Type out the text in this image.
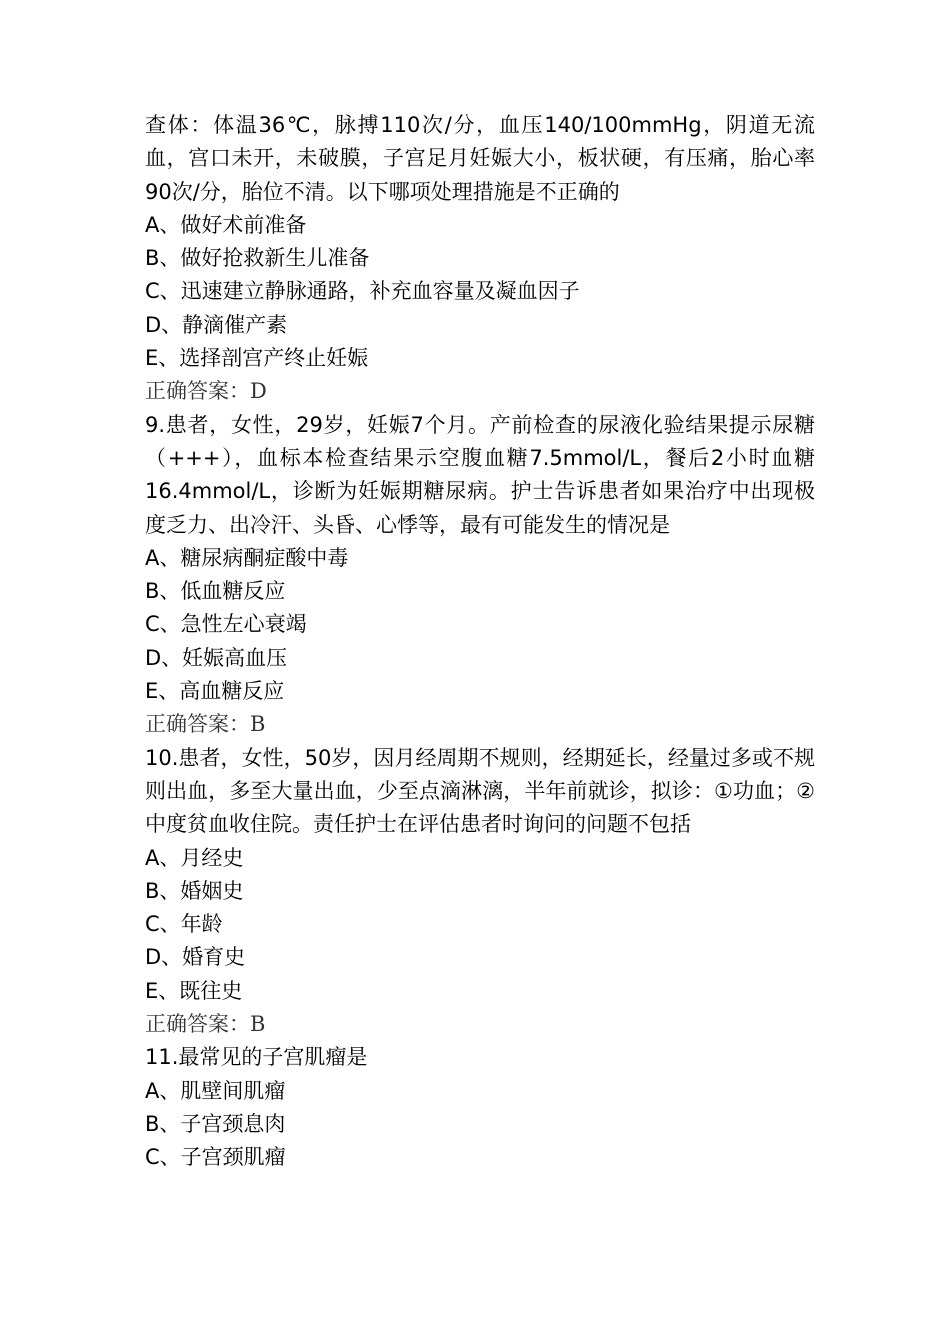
查体：体温36℃，脉搏110次/分，血压140/100mmHg，阴道无流血，宫口未开，未破膜，子宫足月妊娠大小，板状硬，有压痛，胎心率90次/分，胎位不清。以下哪项处理措施是不正确的

A、做好术前准备

B、做好抢救新生儿准备

C、迅速建立静脉通路，补充血容量及凝血因子

D、静滴催产素

E、选择剖宫产终止妊娠

正确答案：D

9.患者，女性，29岁，妊娠7个月。产前检查的尿液化验结果提示尿糖（+++），血标本检查结果示空腹血糖7.5mmol/L，餐后2小时血糖16.4mmol/L，诊断为妊娠期糖尿病。护士告诉患者如果治疗中出现极度乏力、出冷汗、头昏、心悸等，最有可能发生的情况是

A、糖尿病酮症酸中毒

B、低血糖反应

C、急性左心衰竭

D、妊娠高血压

E、高血糖反应

正确答案：B

10.患者，女性，50岁，因月经周期不规则，经期延长，经量过多或不规则出血，多至大量出血，少至点滴淋漓，半年前就诊，拟诊：①功血；②中度贫血收住院。责任护士在评估患者时询问的问题不包括

A、月经史

B、婚姻史

C、年龄

D、婚育史

E、既往史

正确答案：B

11.最常见的子宫肌瘤是

A、肌壁间肌瘤

B、子宫颈息肉

C、子宫颈肌瘤
